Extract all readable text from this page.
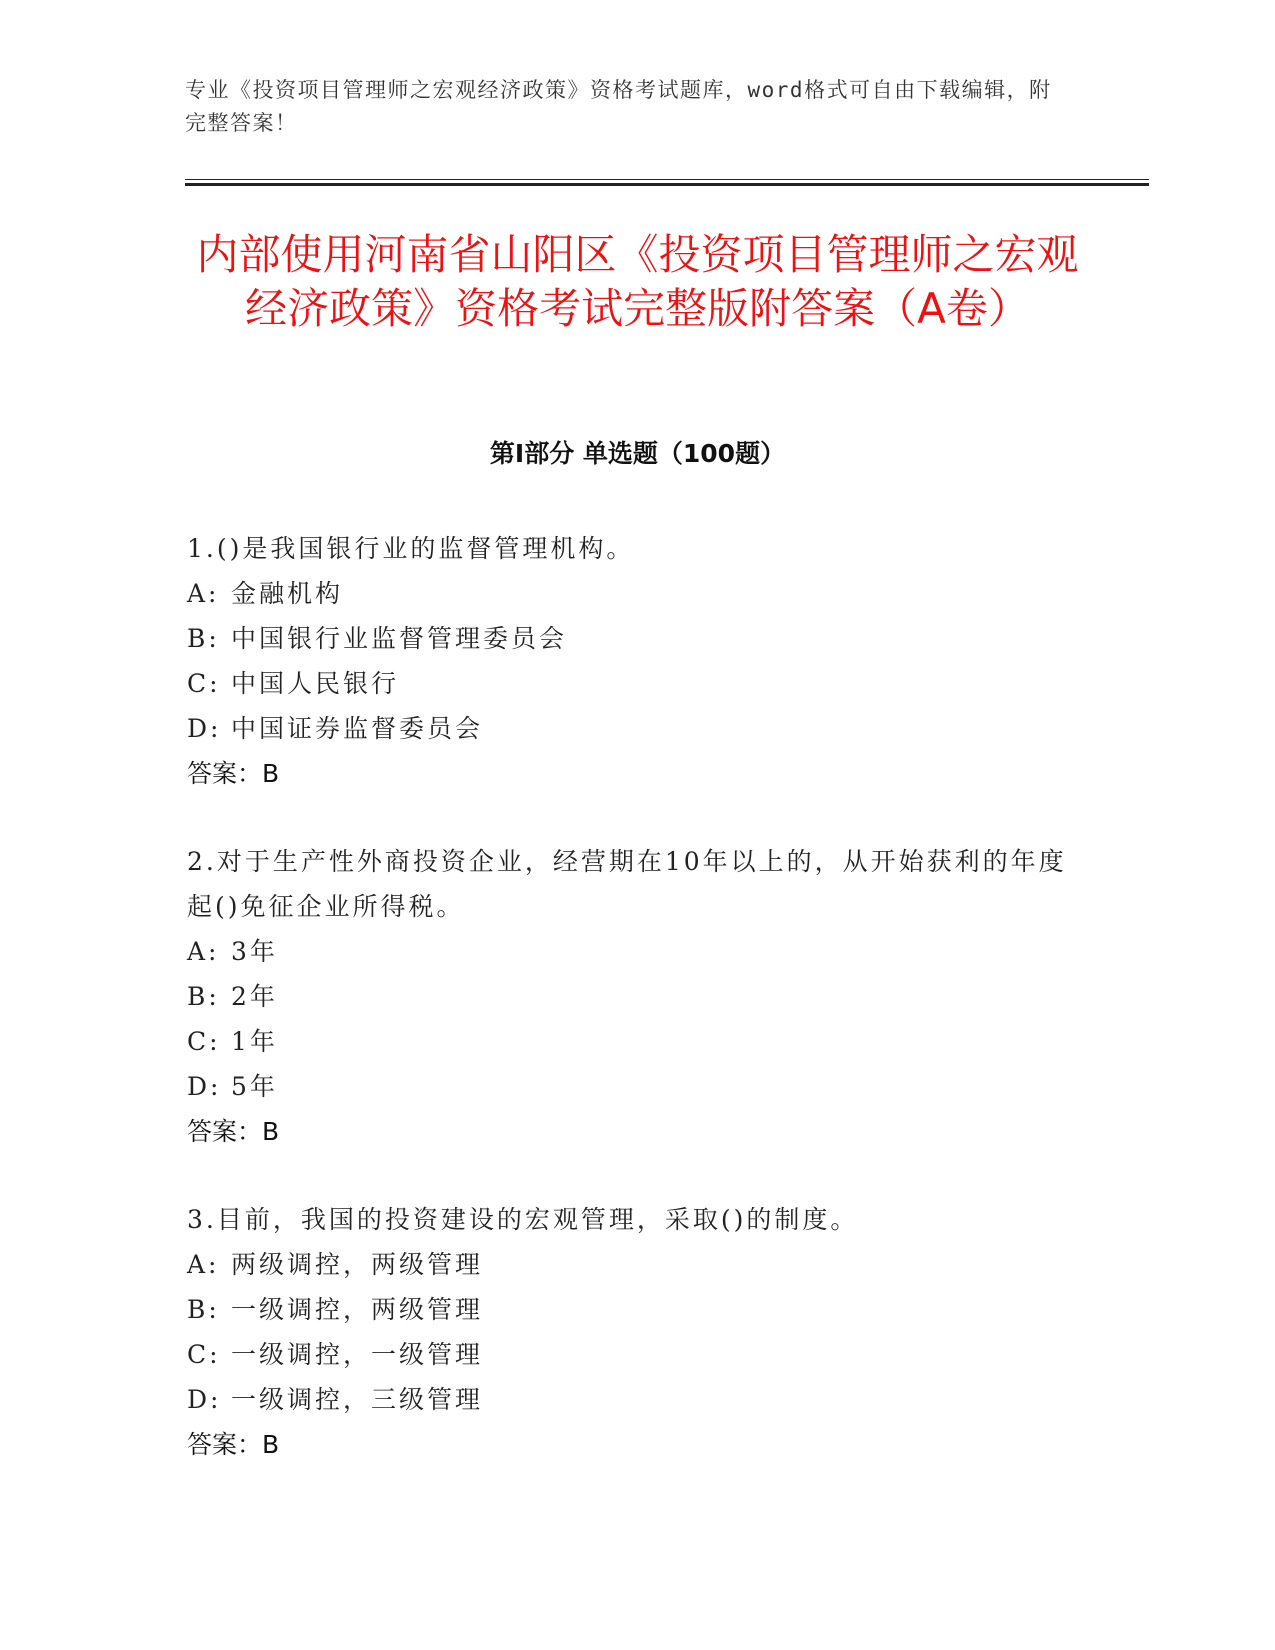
专业《投资项目管理师之宏观经济政策》资格考试题库，word格式可自由下载编辑，附完整答案！
内部使用河南省山阳区《投资项目管理师之宏观经济政策》资格考试完整版附答案（A卷）
第Ⅰ部分 单选题（100题）

1.()是我国银行业的监督管理机构。

A: 金融机构

B: 中国银行业监督管理委员会

C: 中国人民银行

D: 中国证券监督委员会

答案：B

2.对于生产性外商投资企业，经营期在10年以上的，从开始获利的年度起()免征企业所得税。

A: 3年

B: 2年

C: 1年

D: 5年

答案：B

3.目前，我国的投资建设的宏观管理，采取()的制度。

A: 两级调控，两级管理

B: 一级调控，两级管理

C: 一级调控，一级管理

D: 一级调控，三级管理

答案：B
